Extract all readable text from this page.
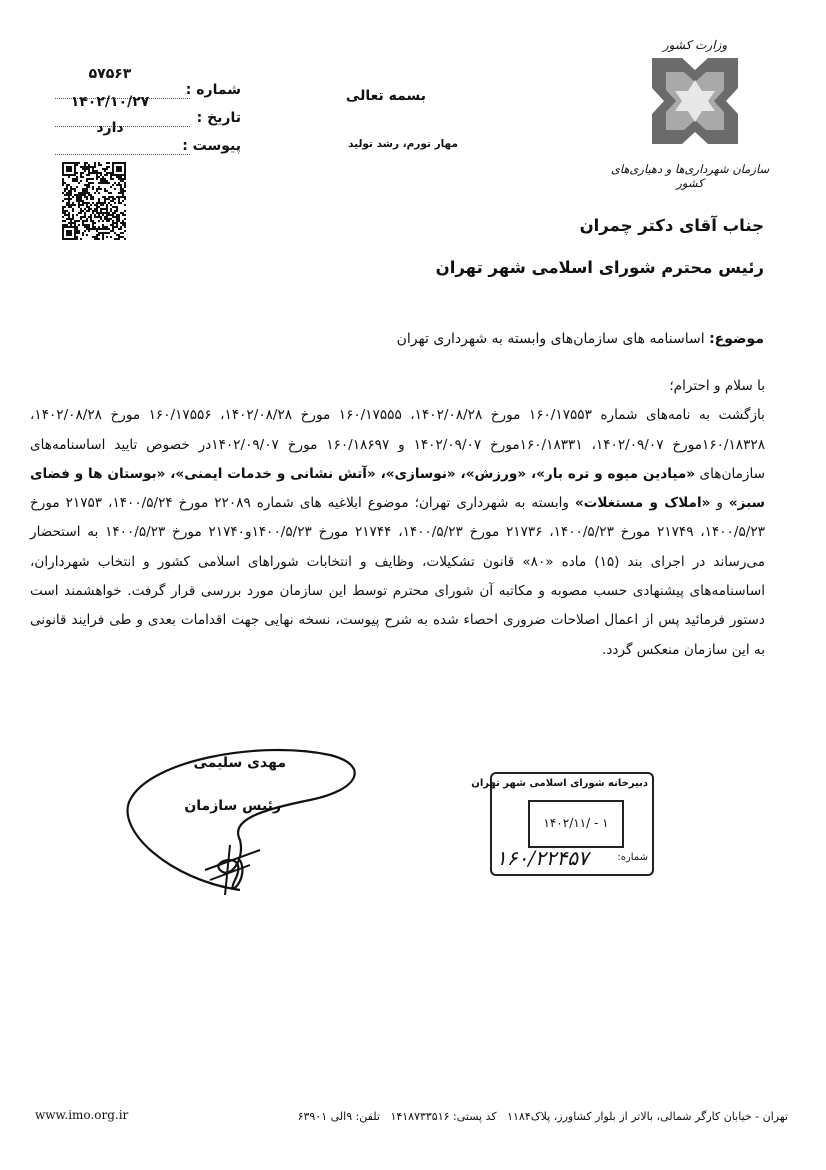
وزارت کشور
سازمان شهرداری‌ها و دهیاری‌های کشور
بسمه تعالی
مهار تورم، رشد تولید
شماره :
تاریخ :
پیوست :
۵۷۵۶۳
۱۴۰۲/۱۰/۲۷
دارد
جناب آقای دکتر چمران
رئیس محترم شورای اسلامی شهر تهران
موضوع: اساسنامه های سازمان‌های وابسته به شهرداری تهران

با سلام و احترام؛

بازگشت به نامه‌های شماره ۱۶۰/۱۷۵۵۳ مورخ ۱۴۰۲/۰۸/۲۸، ۱۶۰/۱۷۵۵۵ مورخ ۱۴۰۲/۰۸/۲۸، ۱۶۰/۱۷۵۵۶ مورخ ۱۴۰۲/۰۸/۲۸، ۱۶۰/۱۸۳۲۸مورخ ۱۴۰۲/۰۹/۰۷، ۱۶۰/۱۸۳۳۱مورخ ۱۴۰۲/۰۹/۰۷ و ۱۶۰/۱۸۶۹۷ مورخ ۱۴۰۲/۰۹/۰۷در خصوص تایید اساسنامه‌های سازمان‌های «میادین میوه و تره بار»، «ورزش»، «نوسازی»، «آتش نشانی و خدمات ایمنی»، «بوستان ها و فضای سبز» و «املاک و مستغلات» وابسته به شهرداری تهران؛ موضوع ابلاغیه های شماره ۲۲۰۸۹ مورخ ۱۴۰۰/۵/۲۴، ۲۱۷۵۳ مورخ ۱۴۰۰/۵/۲۳، ۲۱۷۴۹ مورخ ۱۴۰۰/۵/۲۳، ۲۱۷۳۶ مورخ ۱۴۰۰/۵/۲۳، ۲۱۷۴۴ مورخ ۱۴۰۰/۵/۲۳و۲۱۷۴۰ مورخ ۱۴۰۰/۵/۲۳ به استحضار می‌رساند در اجرای بند (۱۵) ماده «۸۰» قانون تشکیلات، وظایف و انتخابات شوراهای اسلامی کشور و انتخاب شهرداران، اساسنامه‌های پیشنهادی حسب مصوبه و مکاتبه آن شورای محترم توسط این سازمان مورد بررسی قرار گرفت. خواهشمند است دستور فرمائید پس از اعمال اصلاحات ضروری احصاء شده به شرح پیوست، نسخه نهایی جهت اقدامات بعدی و طی فرایند قانونی به این سازمان منعکس گردد.

مهدی سلیمی
رئیس سازمان
دبیرخانه شورای اسلامی شهر تهران
۱۴۰۲/۱۱/ - ۱
شماره:
۱۶۰/۲۲۴۵۷
تهران - خیابان کارگر شمالی، بالاتر از بلوار کشاورز، پلاک۱۱۸۴   کد پستی: ۱۴۱۸۷۳۳۵۱۶   تلفن: ۹الی ۶۳۹۰۱
www.imo.org.ir
